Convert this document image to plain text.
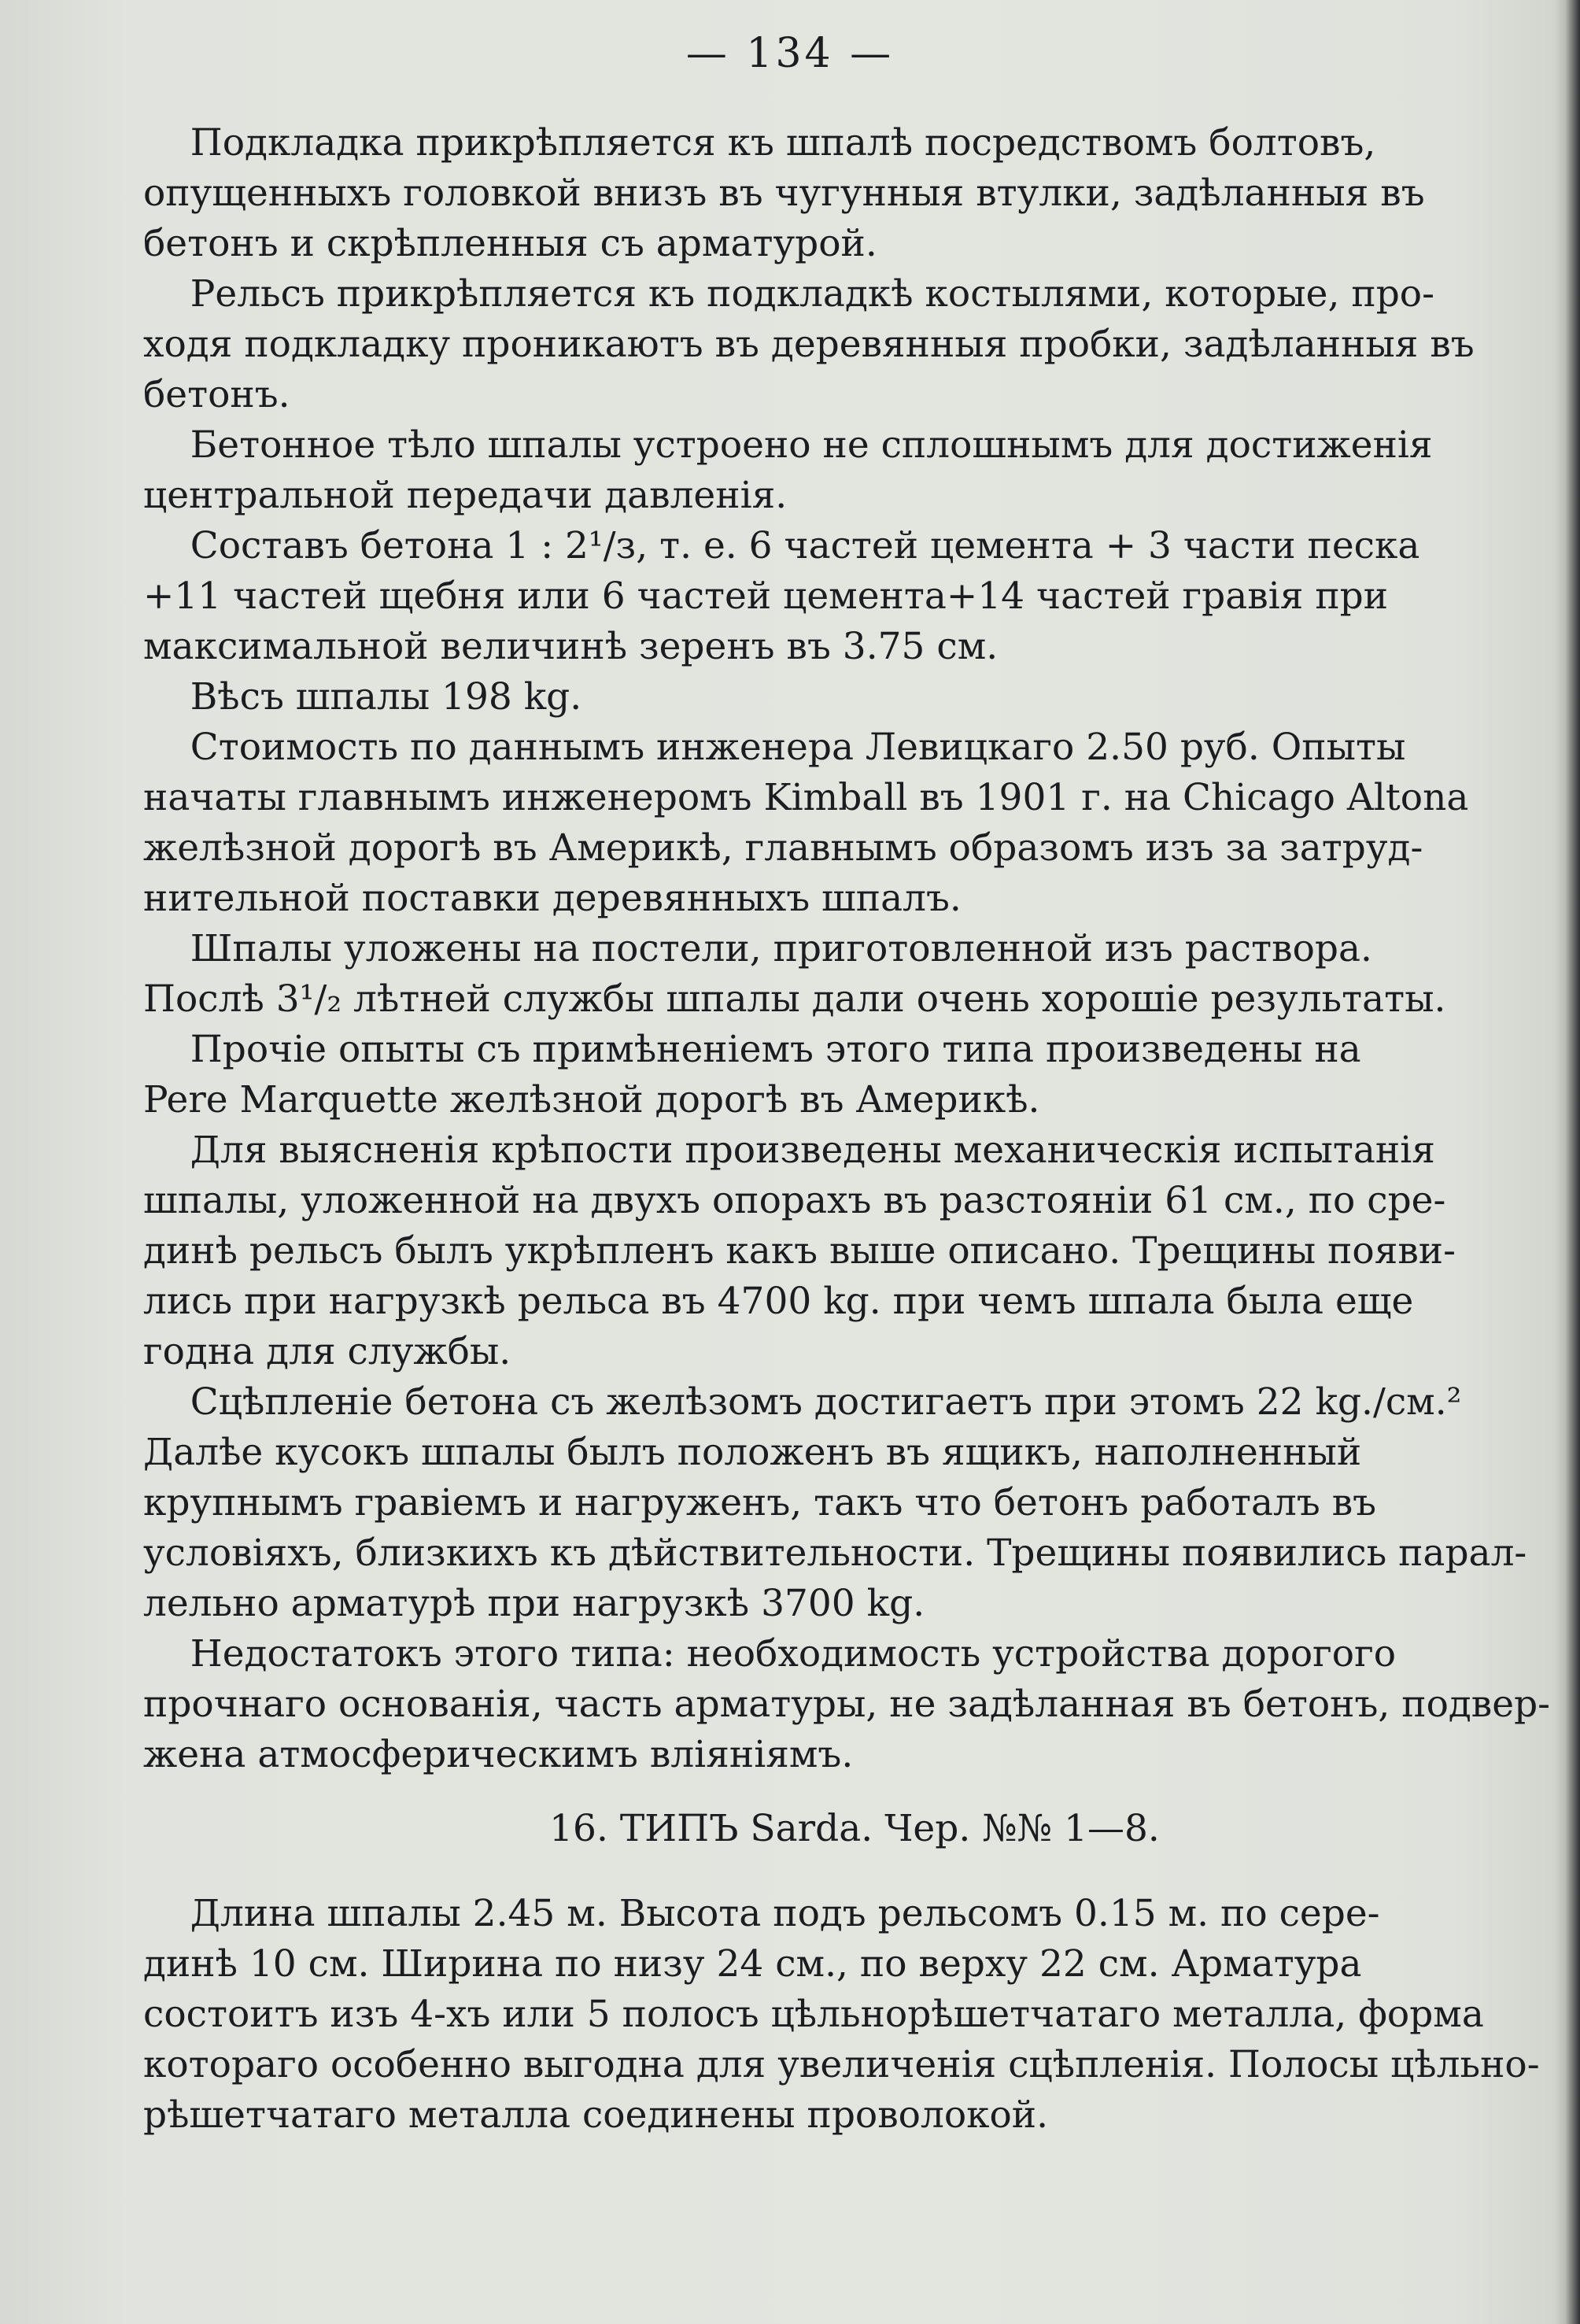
— 134 —
Подкладка прикрѣпляется къ шпалѣ посредствомъ болтовъ,
опущенныхъ головкой внизъ въ чугунныя втулки, задѣланныя въ
бетонъ и скрѣпленныя съ арматурой.
Рельсъ прикрѣпляется къ подкладкѣ костылями, которые, про-
ходя подкладку проникаютъ въ деревянныя пробки, задѣланныя въ
бетонъ.
Бетонное тѣло шпалы устроено не сплошнымъ для достиженія
центральной передачи давленія.
Составъ бетона 1 : 2¹/з, т. е. 6 частей цемента + 3 части песка
+11 частей щебня или 6 частей цемента+14 частей гравія при
максимальной величинѣ зеренъ въ 3.75 см.
Вѣсъ шпалы 198 kg.
Стоимость по даннымъ инженера Левицкаго 2.50 руб. Опыты
начаты главнымъ инженеромъ Kimball въ 1901 г. на Chicago Altona
желѣзной дорогѣ въ Америкѣ, главнымъ образомъ изъ за затруд-
нительной поставки деревянныхъ шпалъ.
Шпалы уложены на постели, приготовленной изъ раствора.
Послѣ 3¹/₂ лѣтней службы шпалы дали очень хорошіе результаты.
Прочіе опыты съ примѣненіемъ этого типа произведены на
Pere Marquette желѣзной дорогѣ въ Америкѣ.
Для выясненія крѣпости произведены механическія испытанія
шпалы, уложенной на двухъ опорахъ въ разстояніи 61 см., по сре-
динѣ рельсъ былъ укрѣпленъ какъ выше описано. Трещины появи-
лись при нагрузкѣ рельса въ 4700 kg. при чемъ шпала была еще
годна для службы.
Сцѣпленіе бетона съ желѣзомъ достигаетъ при этомъ 22 kg./см.²
Далѣе кусокъ шпалы былъ положенъ въ ящикъ, наполненный
крупнымъ гравіемъ и нагруженъ, такъ что бетонъ работалъ въ
условіяхъ, близкихъ къ дѣйствительности. Трещины появились парал-
лельно арматурѣ при нагрузкѣ 3700 kg.
Недостатокъ этого типа: необходимость устройства дорогого
прочнаго основанія, часть арматуры, не задѣланная въ бетонъ, подвер-
жена атмосферическимъ вліяніямъ.
16. ТИПЪ Sarda. Чер. №№ 1—8.
Длина шпалы 2.45 м. Высота подъ рельсомъ 0.15 м. по сере-
динѣ 10 см. Ширина по низу 24 см., по верху 22 см. Арматура
состоитъ изъ 4-хъ или 5 полосъ цѣльнорѣшетчатаго металла, форма
котораго особенно выгодна для увеличенія сцѣпленія. Полосы цѣльно-
рѣшетчатаго металла соединены проволокой.
